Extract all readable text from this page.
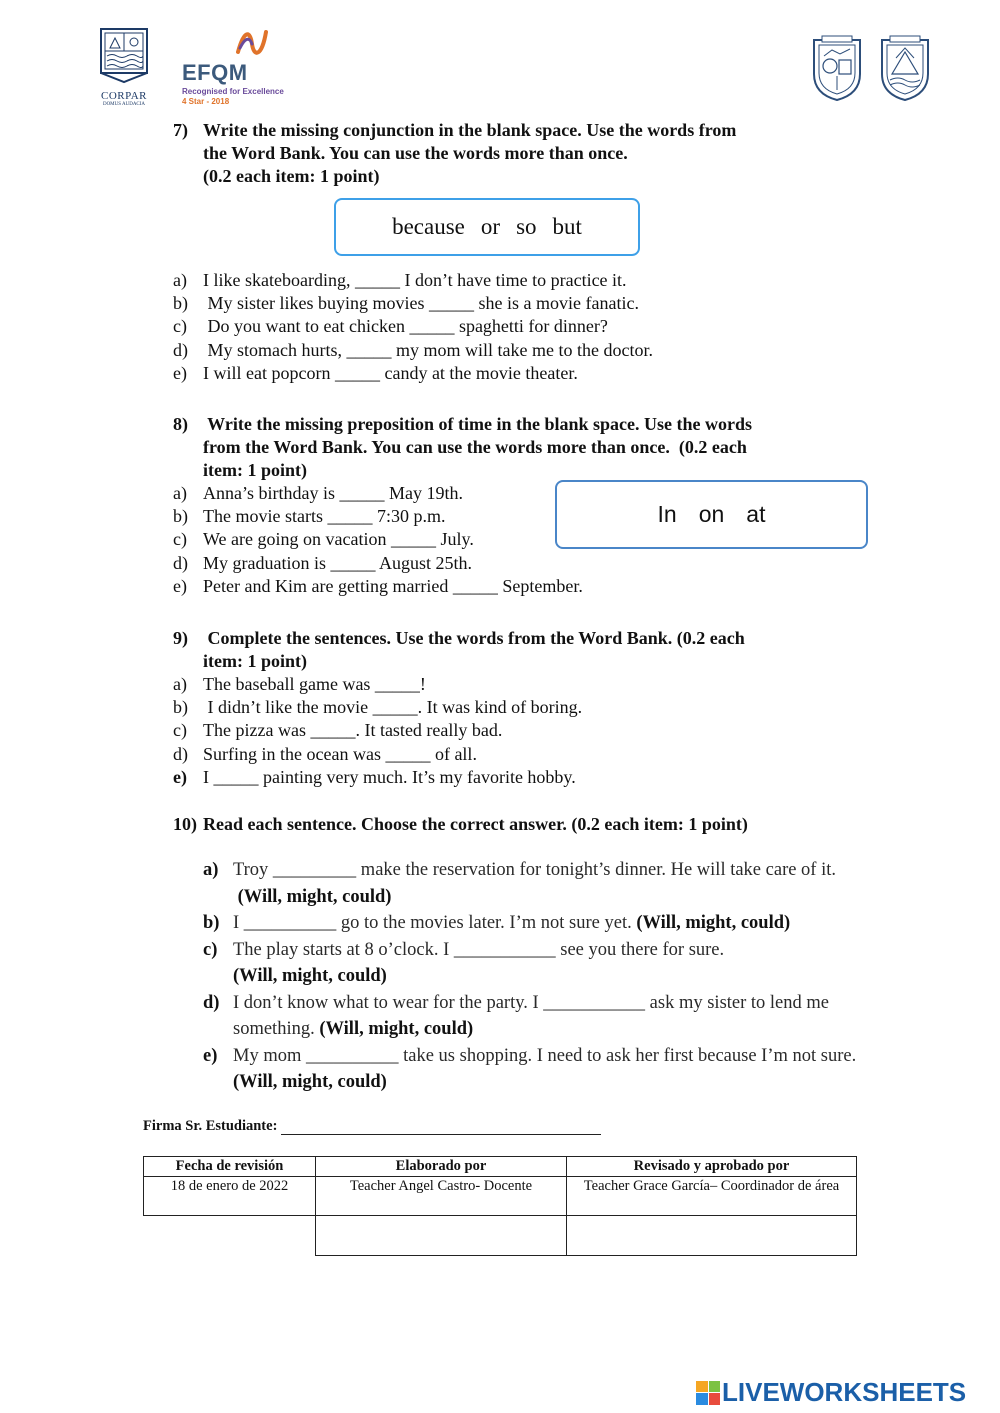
CORPAR
DOMUS AUDACIA
EFQM
Recognised for Excellence
4 Star - 2018
7) Write the missing conjunction in the blank space. Use the words from
the Word Bank. You can use the words more than once.
(0.2 each item: 1 point)
because or so but
a) I like skateboarding, _____ I don’t have time to practice it.
b) My sister likes buying movies _____ she is a movie fanatic.
c) Do you want to eat chicken _____ spaghetti for dinner?
d) My stomach hurts, _____ my mom will take me to the doctor.
e) I will eat popcorn _____ candy at the movie theater.
8) Write the missing preposition of time in the blank space. Use the words
from the Word Bank. You can use the words more than once.  (0.2 each
item: 1 point)
a) Anna’s birthday is _____ May 19th.
b) The movie starts _____ 7:30 p.m.
c) We are going on vacation _____ July.
d) My graduation is _____ August 25th.
e) Peter and Kim are getting married _____ September.
In on at
9) Complete the sentences. Use the words from the Word Bank. (0.2 each
item: 1 point)
a) The baseball game was _____!
b) I didn’t like the movie _____. It was kind of boring.
c) The pizza was _____. It tasted really bad.
d) Surfing in the ocean was _____ of all.
e) I _____ painting very much. It’s my favorite hobby.
10) Read each sentence. Choose the correct answer. (0.2 each item: 1 point)
a) Troy _________ make the reservation for tonight’s dinner. He will take care of it.  (Will, might, could)
b) I __________ go to the movies later. I’m not sure yet. (Will, might, could)
c) The play starts at 8 o’clock. I ___________ see you there for sure.
(Will, might, could)
d) I don’t know what to wear for the party. I ___________ ask my sister to lend me something. (Will, might, could)
e) My mom __________ take us shopping. I need to ask her first because I’m not sure. (Will, might, could)
Firma Sr. Estudiante:
Fecha de revisión	Elaborado por	Revisado y aprobado por
18 de enero de 2022	Teacher Angel Castro- Docente	Teacher Grace García– Coordinador de área

LIVEWORKSHEETS
